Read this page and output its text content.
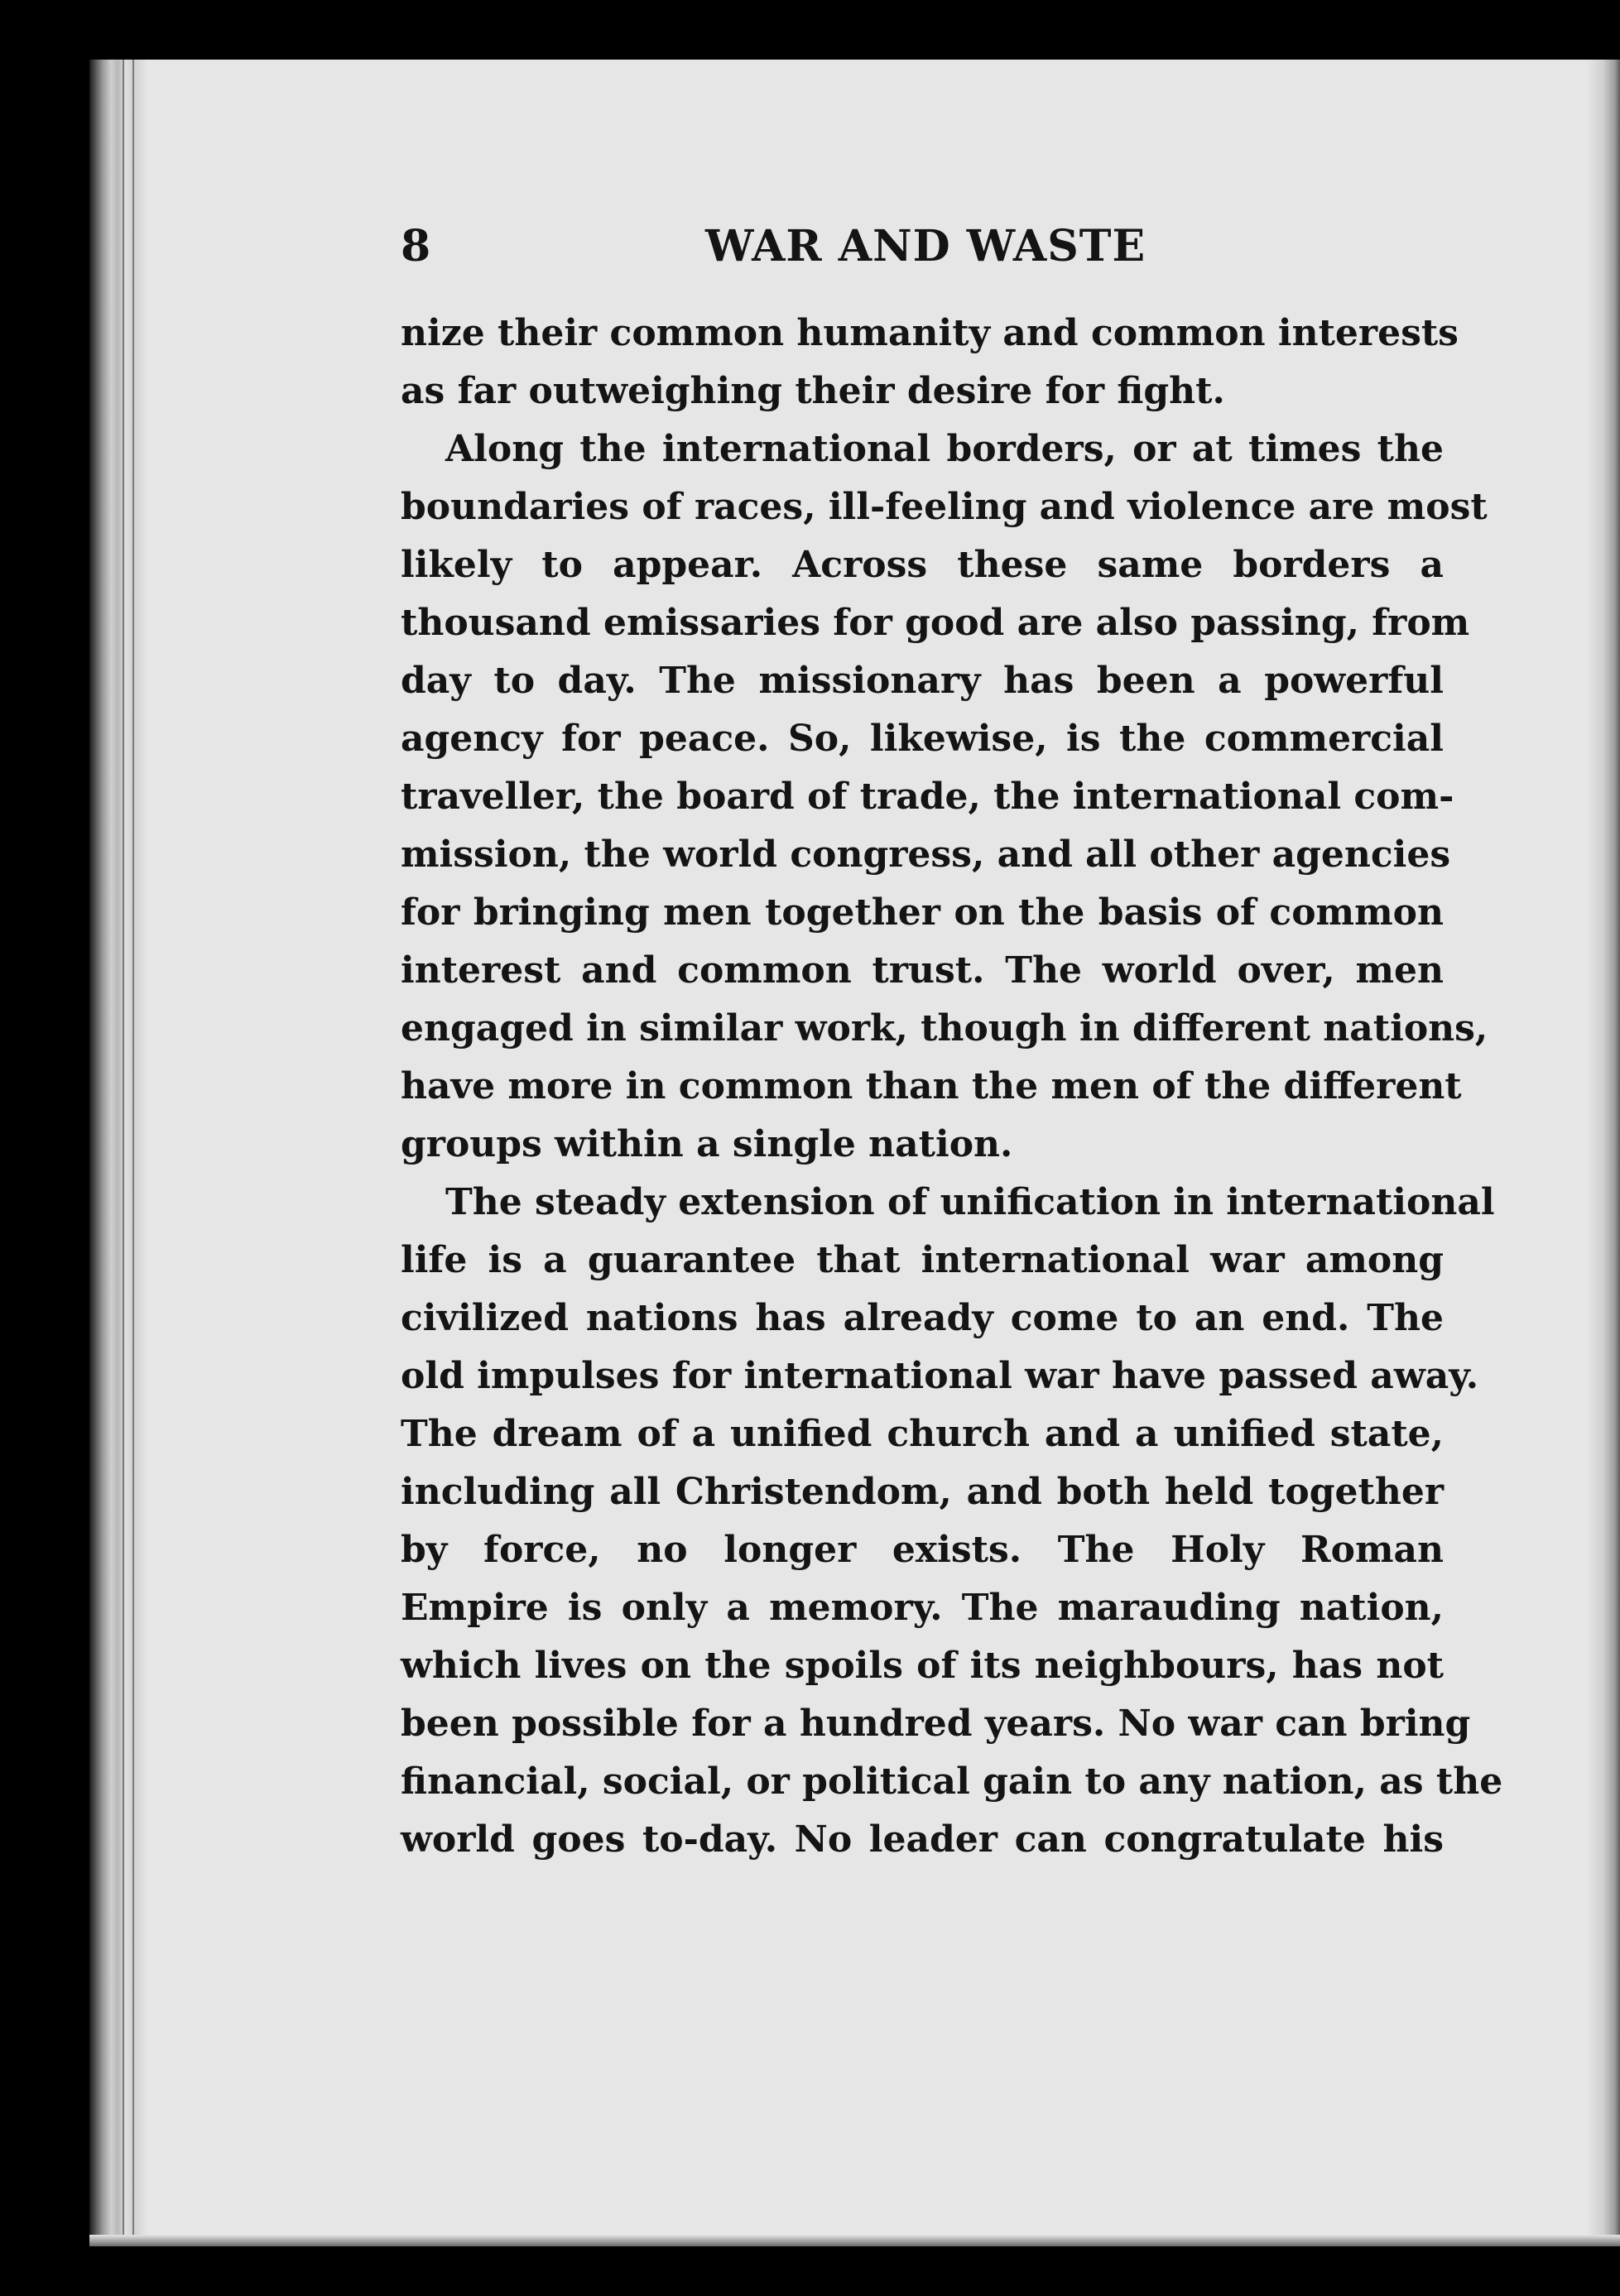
8	WAR AND WASTE
nize their common humanity and common interests
as far outweighing their desire for fight.
Along the international borders, or at times the
boundaries of races, ill-feeling and violence are most
likely to appear. Across these same borders a
thousand emissaries for good are also passing, from
day to day. The missionary has been a powerful
agency for peace. So, likewise, is the commercial
traveller, the board of trade, the international com-
mission, the world congress, and all other agencies
for bringing men together on the basis of common
interest and common trust. The world over, men
engaged in similar work, though in different nations,
have more in common than the men of the different
groups within a single nation.
The steady extension of unification in international
life is a guarantee that international war among
civilized nations has already come to an end. The
old impulses for international war have passed away.
The dream of a unified church and a unified state,
including all Christendom, and both held together
by force, no longer exists. The Holy Roman
Empire is only a memory. The marauding nation,
which lives on the spoils of its neighbours, has not
been possible for a hundred years. No war can bring
financial, social, or political gain to any nation, as the
world goes to-day. No leader can congratulate his
